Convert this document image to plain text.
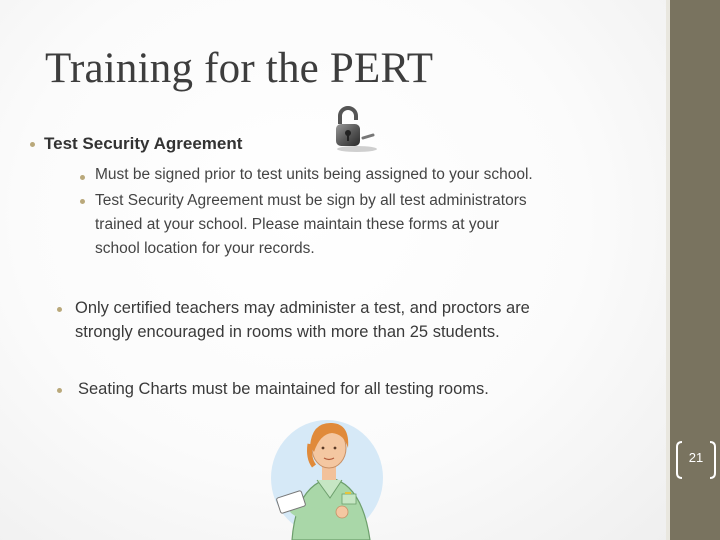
Training for the PERT
Test Security Agreement
Must be signed prior to test units being assigned to your school.
Test Security Agreement must be sign by all test administrators
trained at your school. Please maintain these forms at your
school location for your records.
Only certified teachers may administer a test, and proctors are
strongly encouraged in rooms with more than 25 students.
Seating Charts must be maintained for all testing rooms.
21
